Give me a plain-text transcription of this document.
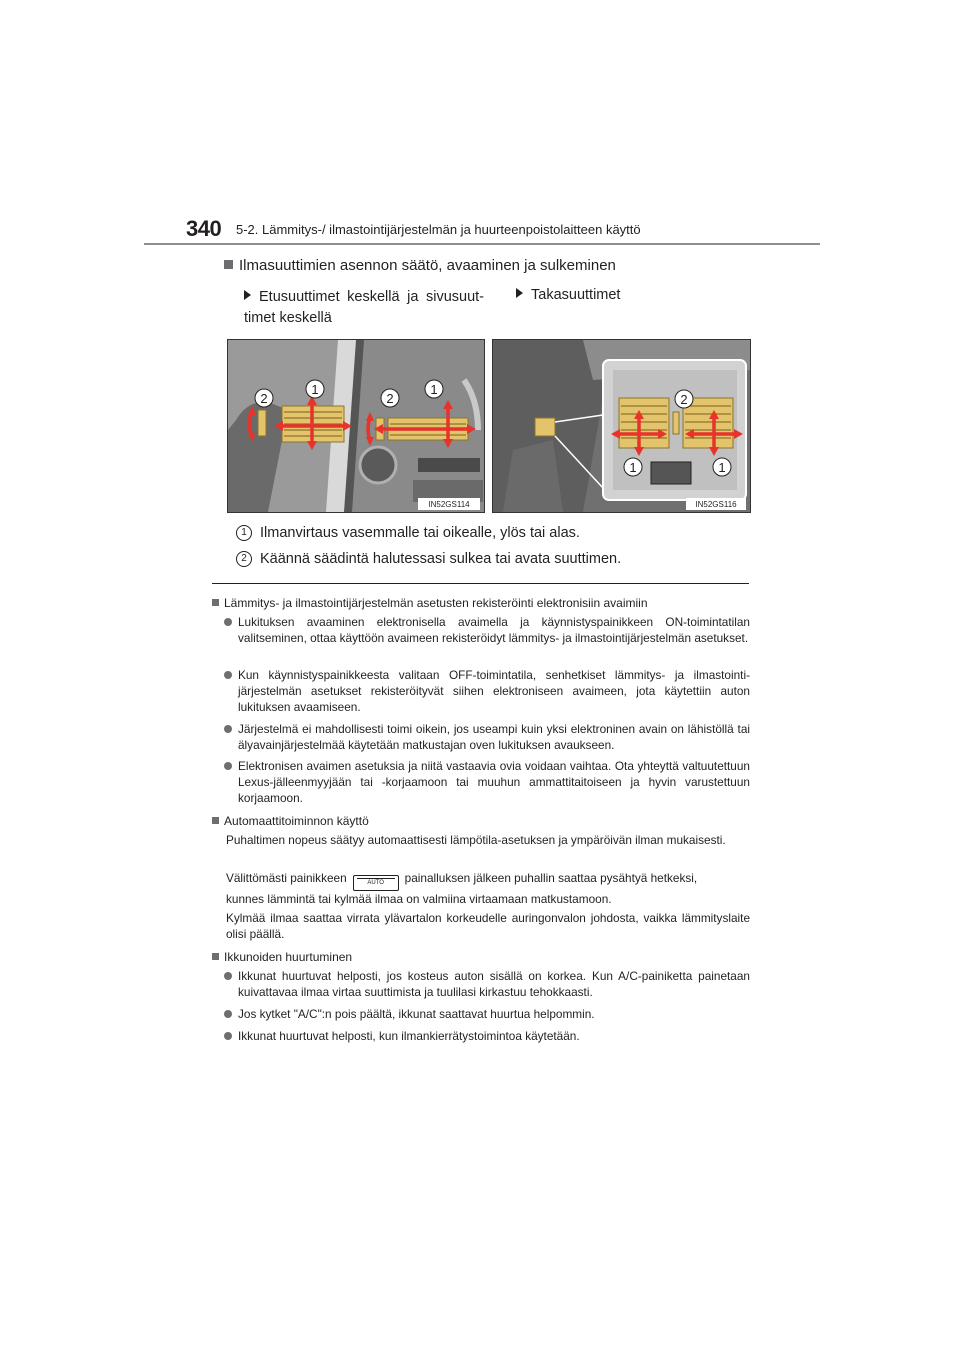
340 5-2. Lämmitys-/ ilmastointijärjestelmän ja huurteenpoistolaitteen käyttö
Ilmasuuttimien asennon säätö, avaaminen ja sulkeminen
Etusuuttimet keskellä ja sivusuut-timet keskellä
Takasuuttimet
2
1
2
1
IN52GS114
2
1	1
IN52GS116
1 Ilmanvirtaus vasemmalle tai oikealle, ylös tai alas.
2 Käännä säädintä halutessasi sulkea tai avata suuttimen.
Lämmitys- ja ilmastointijärjestelmän asetusten rekisteröinti elektronisiin avaimiin
Lukituksen avaaminen elektronisella avaimella ja käynnistyspainikkeen ON-toimintatilan valitseminen, ottaa käyttöön avaimeen rekisteröidyt lämmitys- ja ilmastointijärjestelmän asetukset.
Kun käynnistyspainikkeesta valitaan OFF-toimintatila, senhetkiset lämmitys- ja ilmastointi-järjestelmän asetukset rekisteröityvät siihen elektroniseen avaimeen, jota käytettiin auton lukituksen avaamiseen.
Järjestelmä ei mahdollisesti toimi oikein, jos useampi kuin yksi elektroninen avain on lähistöllä tai älyavainjärjestelmää käytetään matkustajan oven lukituksen avaukseen.
Elektronisen avaimen asetuksia ja niitä vastaavia ovia voidaan vaihtaa. Ota yhteyttä valtuutettuun Lexus-jälleenmyyjään tai -korjaamoon tai muuhun ammattitaitoiseen ja hyvin varustettuun korjaamoon.
Automaattitoiminnon käyttö
Puhaltimen nopeus säätyy automaattisesti lämpötila-asetuksen ja ympäröivän ilman mukaisesti.
Välittömästi painikkeen	AUTO painalluksen jälkeen puhallin saattaa pysähtyä hetkeksi,
kunnes lämmintä tai kylmää ilmaa on valmiina virtaamaan matkustamoon.
Kylmää ilmaa saattaa virrata ylävartalon korkeudelle auringonvalon johdosta, vaikka lämmityslaite olisi päällä.
Ikkunoiden huurtuminen
Ikkunat huurtuvat helposti, jos kosteus auton sisällä on korkea. Kun A/C-painiketta painetaan kuivattavaa ilmaa virtaa suuttimista ja tuulilasi kirkastuu tehokkaasti.
Jos kytket "A/C":n pois päältä, ikkunat saattavat huurtua helpommin.
Ikkunat huurtuvat helposti, kun ilmankierrätystoimintoa käytetään.
